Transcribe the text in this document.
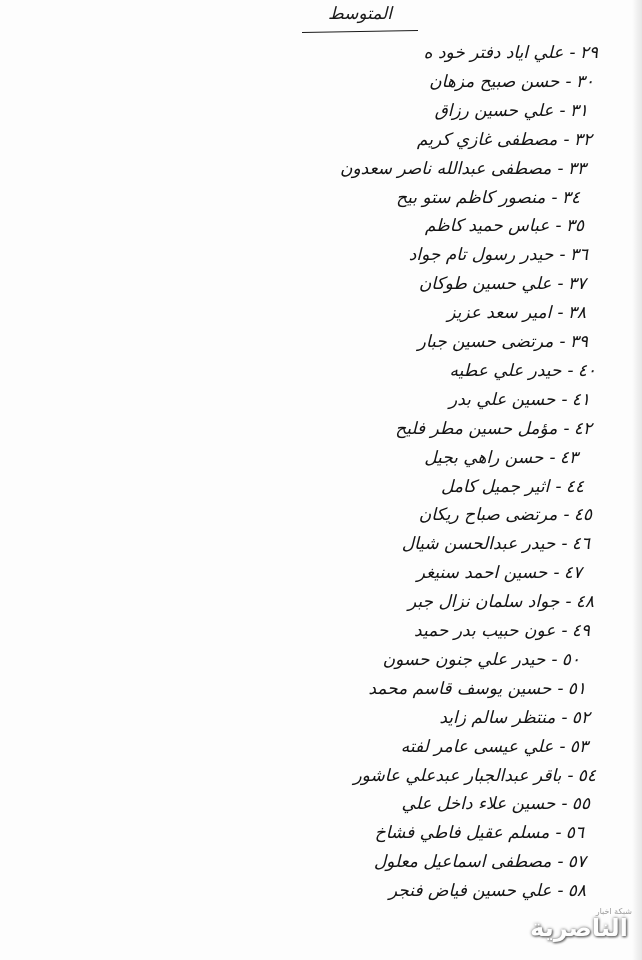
المتوسط
٢٩-علي اياد دفتر خود ه
٣٠-حسن صبيح مزهان
٣١-علي حسين رزاق
٣٢-مصطفى غازي كريم
٣٣-مصطفى عبدالله ناصر سعدون
٣٤-منصور كاظم ستو بيح
٣٥-عباس حميد كاظم
٣٦-حيدر رسول تام جواد
٣٧-علي حسين طوكان
٣٨-امير سعد عزيز
٣٩-مرتضى حسين جبار
٤٠-حيدر علي عطيه
٤١-حسين علي بدر
٤٢-مؤمل حسين مطر فليح
٤٣-حسن راهي بجيل
٤٤-اثير جميل كامل
٤٥-مرتضى صباح ريكان
٤٦-حيدر عبدالحسن شيال
٤٧-حسين احمد سنيغر
٤٨-جواد سلمان نزال جبر
٤٩-عون حبيب بدر حميد
٥٠-حيدر علي جنون حسون
٥١-حسين يوسف قاسم محمد
٥٢-منتظر سالم زايد
٥٣-علي عيسى عامر لفته
٥٤-باقر عبدالجبار عبدعلي عاشور
٥٥-حسين علاء داخل علي
٥٦-مسلم عقيل فاطي فشاخ
٥٧-مصطفى اسماعيل معلول
٥٨-علي حسين فياض فنجر
شبكة اخبار
الناصرية
